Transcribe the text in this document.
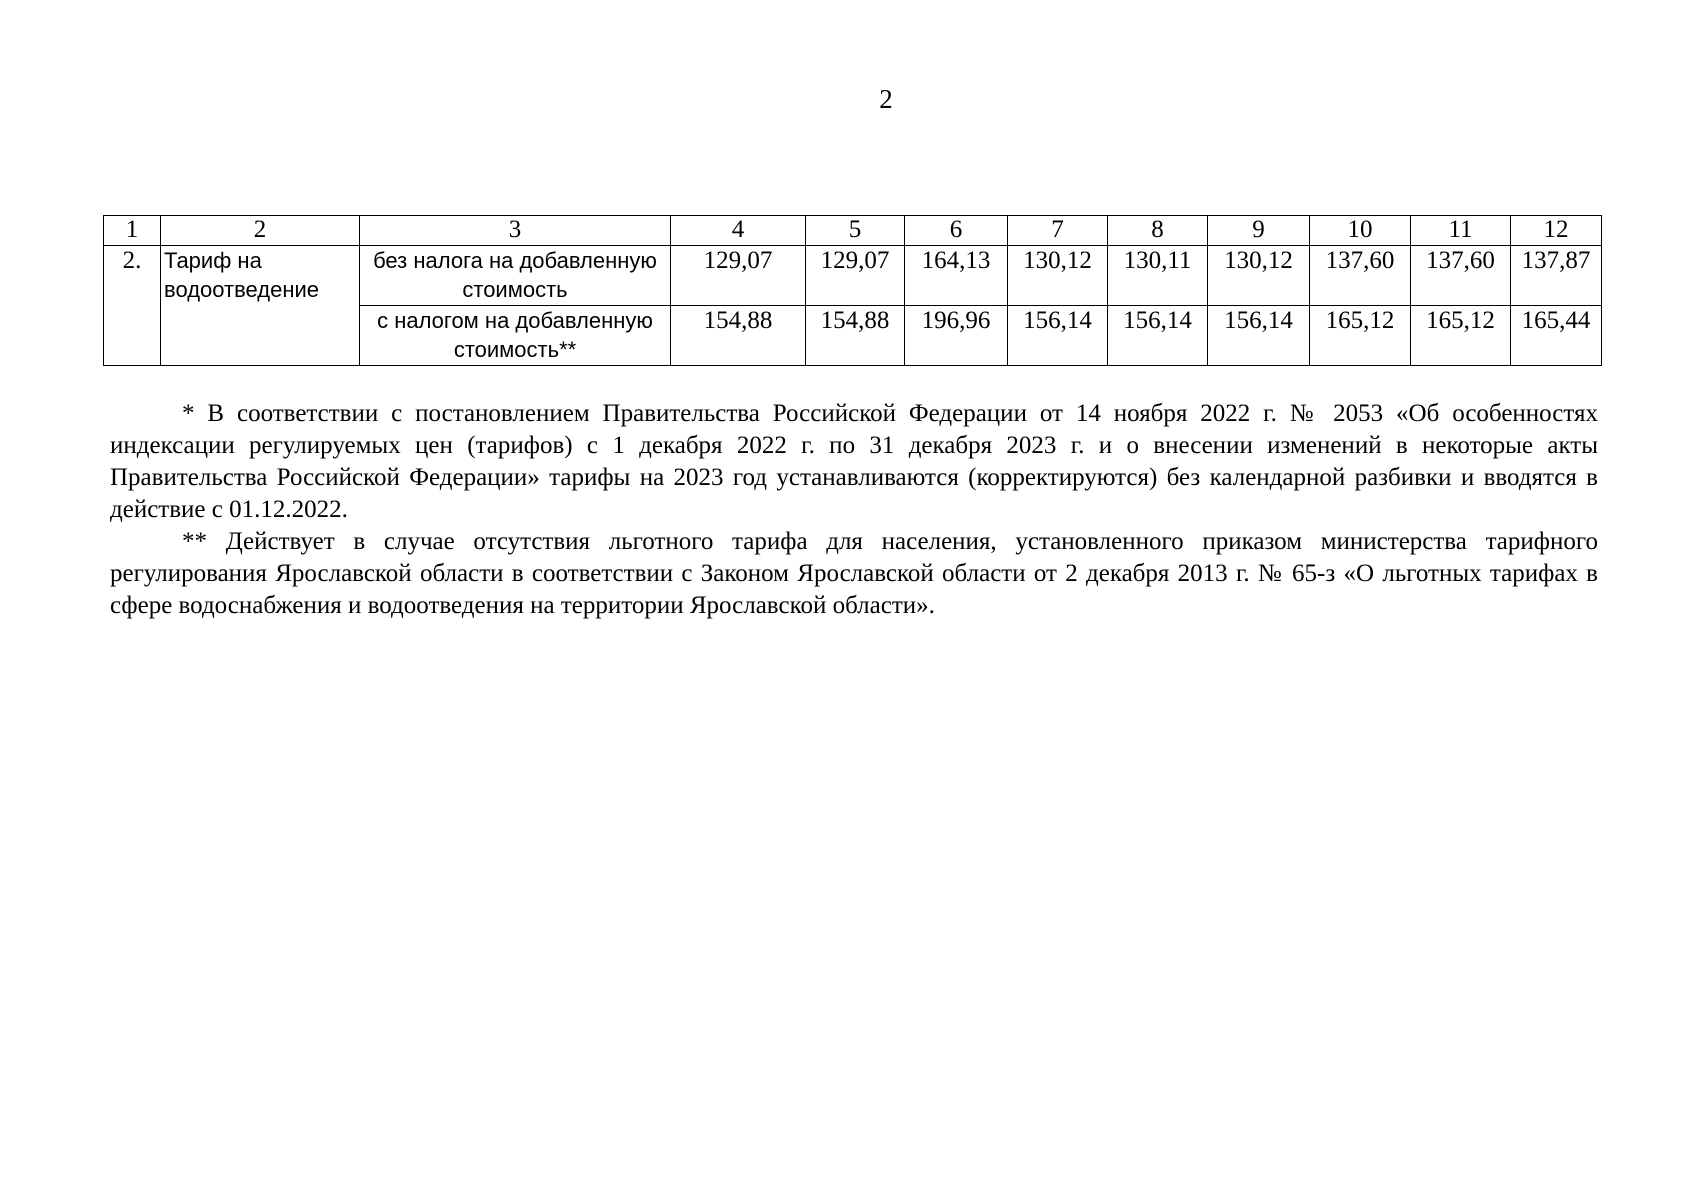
2
1	2	3	4	5	6	7	8	9	10	11	12
2.	Тариф на водоотведение	без налога на добавленную стоимость	129,07	129,07	164,13	130,12	130,11	130,12	137,60	137,60	137,87
		с налогом на добавленную стоимость**	154,88	154,88	196,96	156,14	156,14	156,14	165,12	165,12	165,44

* В соответствии с постановлением Правительства Российской Федерации от 14 ноября 2022 г. № 2053 «Об особенностях индексации регулируемых цен (тарифов) с 1 декабря 2022 г. по 31 декабря 2023 г. и о внесении изменений в некоторые акты Правительства Российской Федерации» тарифы на 2023 год устанавливаются (корректируются) без календарной разбивки и вводятся в действие с 01.12.2022.

** Действует в случае отсутствия льготного тарифа для населения, установленного приказом министерства тарифного регулирования Ярославской области в соответствии с Законом Ярославской области от 2 декабря 2013 г. № 65-з «О льготных тарифах в сфере водоснабжения и водоотведения на территории Ярославской области».
